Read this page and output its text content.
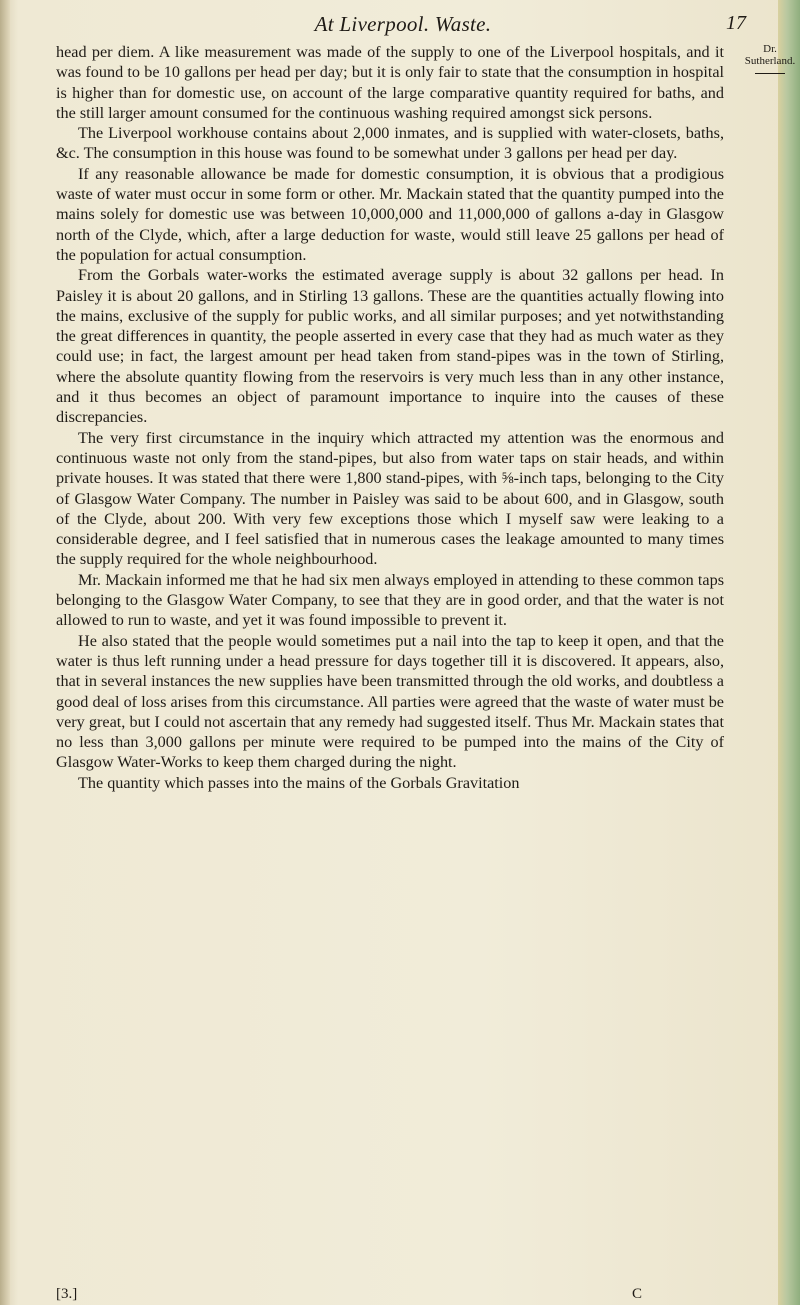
At Liverpool. Waste.	17
Dr. Sutherland.

head per diem. A like measurement was made of the supply to one of the Liverpool hospitals, and it was found to be 10 gallons per head per day; but it is only fair to state that the consumption in hospital is higher than for domestic use, on account of the large comparative quantity required for baths, and the still larger amount consumed for the continuous washing required amongst sick persons.

The Liverpool workhouse contains about 2,000 inmates, and is supplied with water-closets, baths, &c. The consumption in this house was found to be somewhat under 3 gallons per head per day.

If any reasonable allowance be made for domestic consumption, it is obvious that a prodigious waste of water must occur in some form or other. Mr. Mackain stated that the quantity pumped into the mains solely for domestic use was between 10,000,000 and 11,000,000 of gallons a-day in Glasgow north of the Clyde, which, after a large deduction for waste, would still leave 25 gallons per head of the population for actual consumption.

From the Gorbals water-works the estimated average supply is about 32 gallons per head. In Paisley it is about 20 gallons, and in Stirling 13 gallons. These are the quantities actually flowing into the mains, exclusive of the supply for public works, and all similar purposes; and yet notwithstanding the great differences in quantity, the people asserted in every case that they had as much water as they could use; in fact, the largest amount per head taken from stand-pipes was in the town of Stirling, where the absolute quantity flowing from the reservoirs is very much less than in any other instance, and it thus becomes an object of paramount importance to inquire into the causes of these discrepancies.

The very first circumstance in the inquiry which attracted my attention was the enormous and continuous waste not only from the stand-pipes, but also from water taps on stair heads, and within private houses. It was stated that there were 1,800 stand-pipes, with ⅝-inch taps, belonging to the City of Glasgow Water Company. The number in Paisley was said to be about 600, and in Glasgow, south of the Clyde, about 200. With very few exceptions those which I myself saw were leaking to a considerable degree, and I feel satisfied that in numerous cases the leakage amounted to many times the supply required for the whole neighbourhood.

Mr. Mackain informed me that he had six men always employed in attending to these common taps belonging to the Glasgow Water Company, to see that they are in good order, and that the water is not allowed to run to waste, and yet it was found impossible to prevent it.

He also stated that the people would sometimes put a nail into the tap to keep it open, and that the water is thus left running under a head pressure for days together till it is discovered. It appears, also, that in several instances the new supplies have been transmitted through the old works, and doubtless a good deal of loss arises from this circumstance. All parties were agreed that the waste of water must be very great, but I could not ascertain that any remedy had suggested itself. Thus Mr. Mackain states that no less than 3,000 gallons per minute were required to be pumped into the mains of the City of Glasgow Water-Works to keep them charged during the night.

The quantity which passes into the mains of the Gorbals Gravitation

[3.]	C
